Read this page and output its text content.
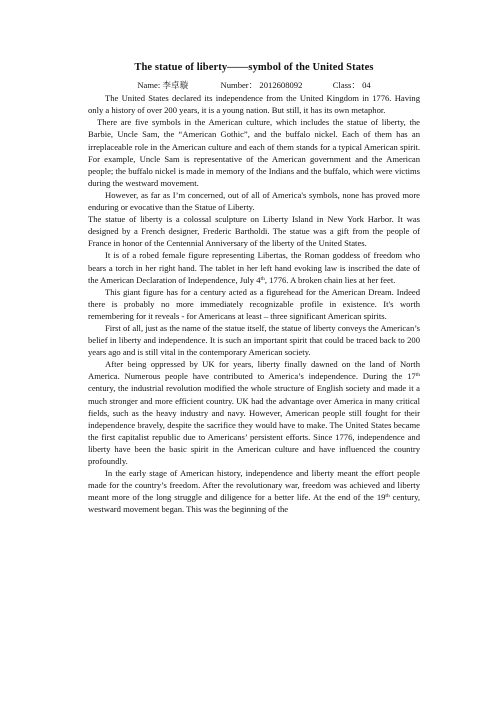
The statue of liberty——symbol of the United States
Name: 李卓璇	Number： 2012608092	Class： 04

The United States declared its independence from the United Kingdom in 1776. Having only a history of over 200 years, it is a young nation. But still, it has its own metaphor.

There are five symbols in the American culture, which includes the statue of liberty, the Barbie, Uncle Sam, the “American Gothic”, and the buffalo nickel. Each of them has an irreplaceable role in the American culture and each of them stands for a typical American spirit. For example, Uncle Sam is representative of the American government and the American people; the buffalo nickel is made in memory of the Indians and the buffalo, which were victims during the westward movement.

However, as far as I’m concerned, out of all of America's symbols, none has proved more enduring or evocative than the Statue of Liberty.

The statue of liberty is a colossal sculpture on Liberty Island in New York Harbor. It was designed by a French designer, Frederic Bartholdi. The statue was a gift from the people of France in honor of the Centennial Anniversary of the liberty of the United States.

It is of a robed female figure representing Libertas, the Roman goddess of freedom who bears a torch in her right hand. The tablet in her left hand evoking law is inscribed the date of the American Declaration of Independence, July 4th, 1776. A broken chain lies at her feet.

This giant figure has for a century acted as a figurehead for the American Dream. Indeed there is probably no more immediately recognizable profile in existence. It's worth remembering for it reveals - for Americans at least – three significant American spirits.

First of all, just as the name of the statue itself, the statue of liberty conveys the American’s belief in liberty and independence. It is such an important spirit that could be traced back to 200 years ago and is still vital in the contemporary American society.

After being oppressed by UK for years, liberty finally dawned on the land of North America. Numerous people have contributed to America’s independence. During the 17th century, the industrial revolution modified the whole structure of English society and made it a much stronger and more efficient country. UK had the advantage over America in many critical fields, such as the heavy industry and navy. However, American people still fought for their independence bravely, despite the sacrifice they would have to make. The United States became the first capitalist republic due to Americans’ persistent efforts. Since 1776, independence and liberty have been the basic spirit in the American culture and have influenced the country profoundly.

In the early stage of American history, independence and liberty meant the effort people made for the country’s freedom. After the revolutionary war, freedom was achieved and liberty meant more of the long struggle and diligence for a better life. At the end of the 19th century, westward movement began. This was the beginning of the
